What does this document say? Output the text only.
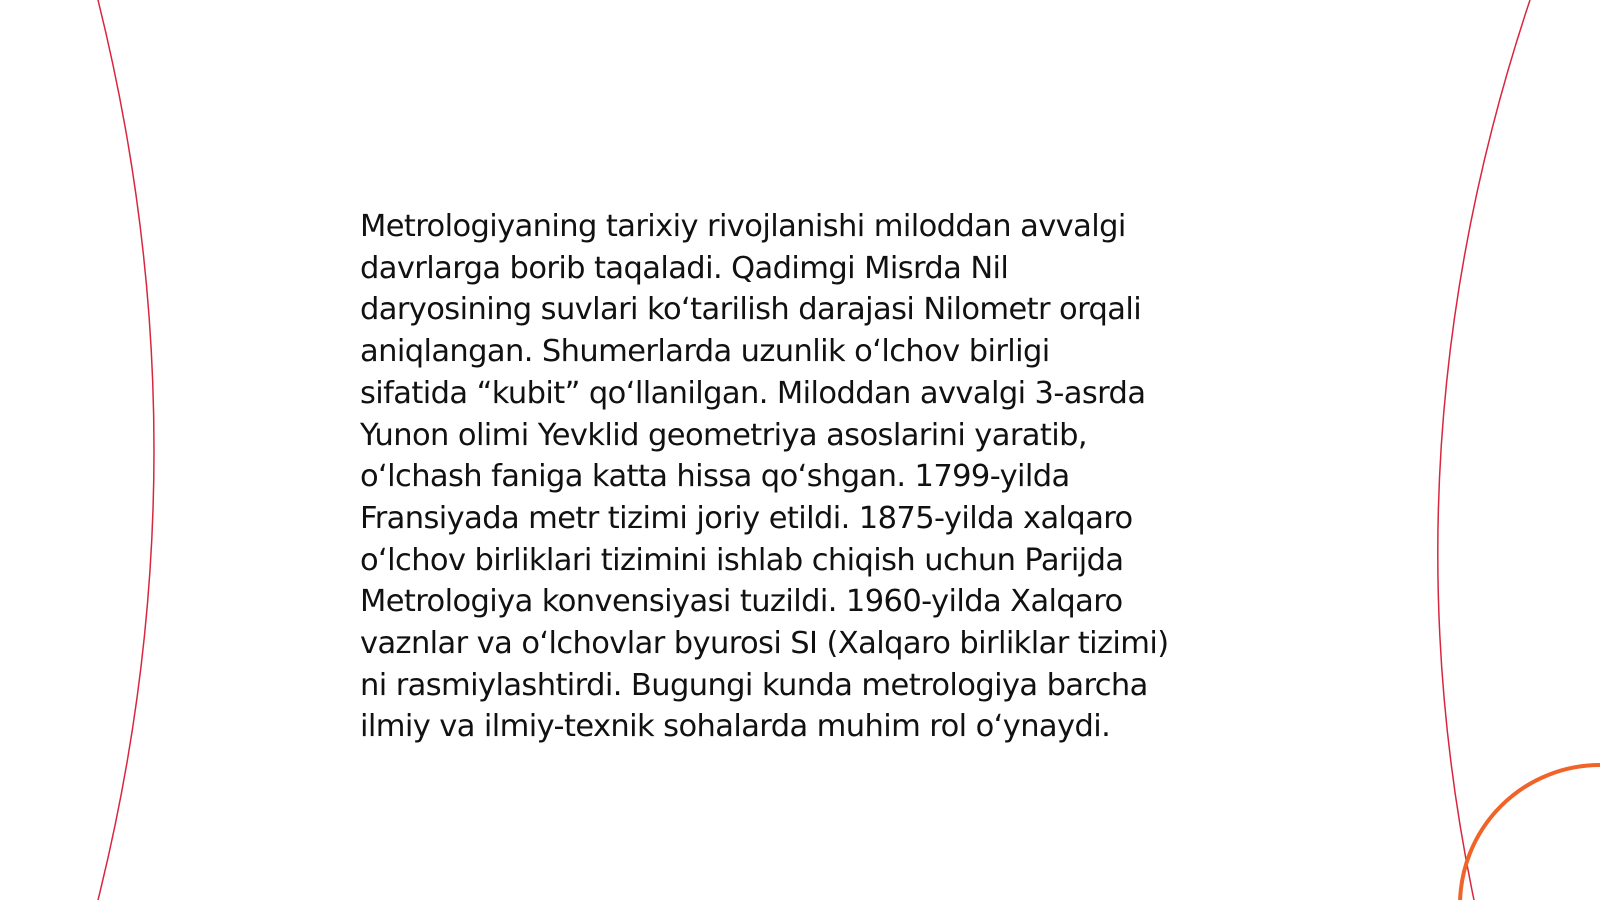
Metrologiyaning tarixiy rivojlanishi miloddan avvalgi
davrlarga borib taqaladi. Qadimgi Misrda Nil
daryosining suvlari koʻtarilish darajasi Nilometr orqali
aniqlangan. Shumerlarda uzunlik oʻlchov birligi
sifatida “kubit” qoʻllanilgan. Miloddan avvalgi 3-asrda
Yunon olimi Yevklid geometriya asoslarini yaratib,
oʻlchash faniga katta hissa qoʻshgan. 1799-yilda
Fransiyada metr tizimi joriy etildi. 1875-yilda xalqaro
oʻlchov birliklari tizimini ishlab chiqish uchun Parijda
Metrologiya konvensiyasi tuzildi. 1960-yilda Xalqaro
vaznlar va oʻlchovlar byurosi SI (Xalqaro birliklar tizimi)
ni rasmiylashtirdi. Bugungi kunda metrologiya barcha
ilmiy va ilmiy-texnik sohalarda muhim rol oʻynaydi.
